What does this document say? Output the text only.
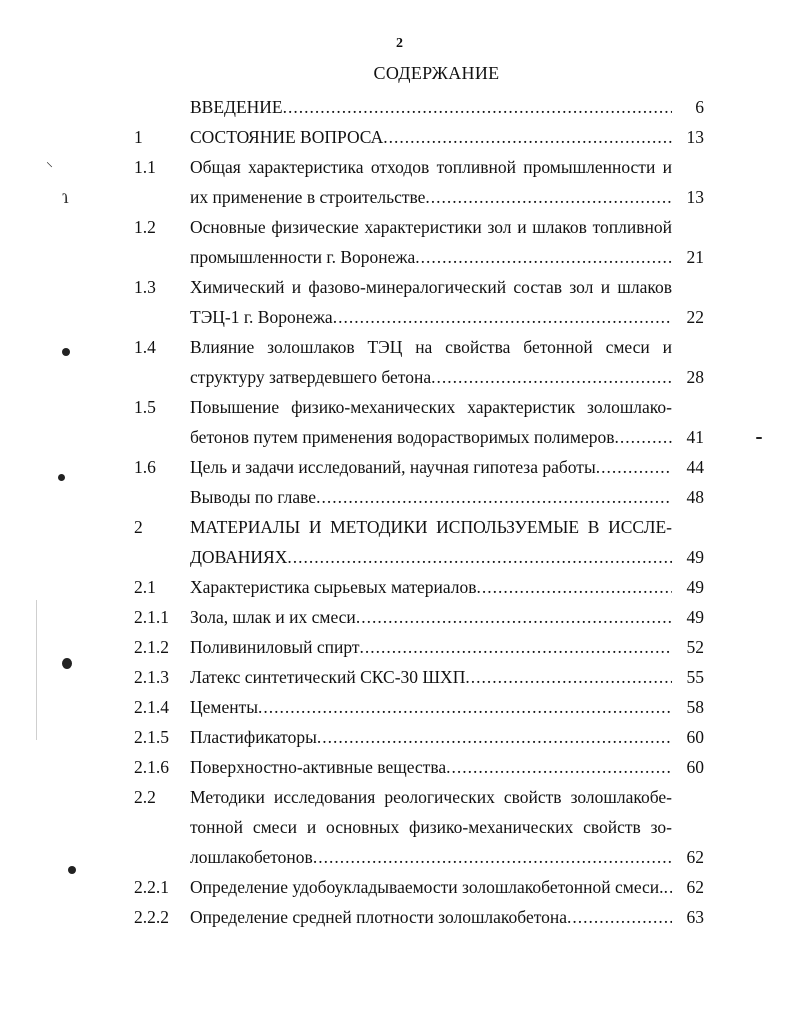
2
СОДЕРЖАНИЕ
ВВЕДЕНИЕ .....	6
1	СОСТОЯНИЕ ВОПРОСА .....	13
1.1 Общая характеристика отходов топливной промышленности и
их применение в строительстве .....	13
1.2 Основные физические характеристики зол и шлаков топливной
промышленности г. Воронежа .....	21
1.3 Химический и фазово-минералогический состав зол и шлаков
ТЭЦ-1 г. Воронежа .....	22
1.4 Влияние золошлаков ТЭЦ на свойства бетонной смеси и
структуру затвердевшего бетона .....	28
1.5 Повышение физико-механических характеристик золошлако-
бетонов путем применения водорастворимых полимеров .....	41
1.6 Цель и задачи исследований, научная гипотеза работы .....	44
Выводы по главе .....	48
2	МАТЕРИАЛЫ И МЕТОДИКИ ИСПОЛЬЗУЕМЫЕ В ИССЛЕ-
ДОВАНИЯХ .....	49
2.1 Характеристика сырьевых материалов .....	49
2.1.1 Зола, шлак и их смеси .....	49
2.1.2 Поливиниловый спирт .....	52
2.1.3 Латекс синтетический СКС-30 ШХП .....	55
2.1.4 Цементы .....	58
2.1.5 Пластификаторы .....	60
2.1.6 Поверхностно-активные вещества .....	60
2.2 Методики исследования реологических свойств золошлакобе-
тонной смеси и основных физико-механических свойств зо-
лошлакобетонов .....	62
2.2.1 Определение удобоукладываемости золошлакобетонной смеси. ..... 62
2.2.2 Определение средней плотности золошлакобетона .....	63
⸌
ɿ
